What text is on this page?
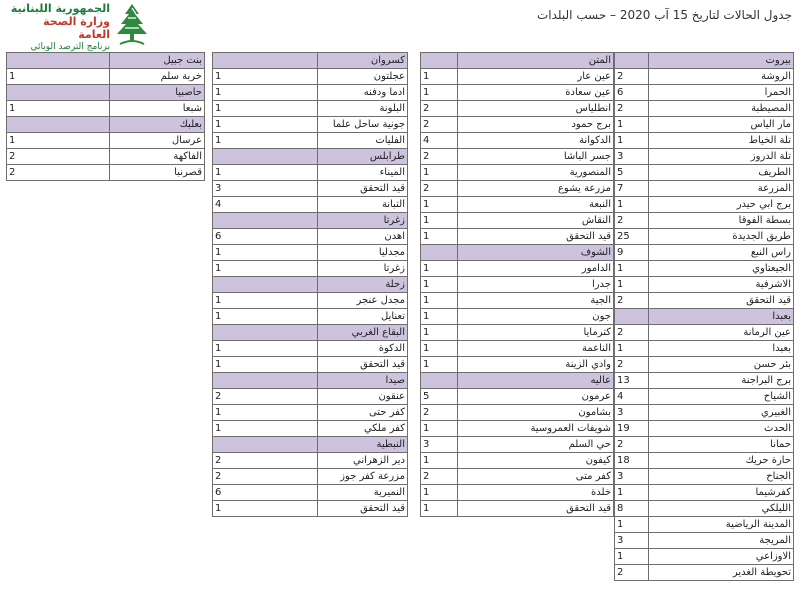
الجمهورية اللبنانية
وزارة الصحة العامة
برنامج الترصد الوبائي
جدول الحالات لتاريخ 15 آب 2020 – حسب البلدات
بيروت	
الروشة	2
الحمرا	6
المصيطبة	2
مار الياس	1
تلة الخياط	1
تلة الدروز	3
الطريف	5
المزرعة	7
برج ابي حيدر	1
بسطة الفوقا	2
طريق الجديدة	25
راس النبع	9
الجيعتاوي	1
الاشرفية	1
قيد التحقق	2
بعبدا	
عين الرمانة	2
بعبدا	1
بئر حسن	2
برج البراجنة	13
الشياح	4
الغبيري	3
الحدث	19
حمانا	2
حارة حريك	18
الجناح	3
كفرشيما	1
الليلكي	8
المدينة الرياضية	1
المريجة	3
الاوزاعي	1
تحويطة الغدير	2
المتن	
عين عار	1
عين سعادة	1
انطلياس	2
برج حمود	2
الدكوانة	4
جسر الباشا	2
المنصورية	1
مزرعة يشوع	2
النبعة	1
النقاش	1
قيد التحقق	1
الشوف	
الدامور	1
جدرا	1
الجية	1
جون	1
كترمايا	1
الناعمة	1
وادي الزينة	1
عاليه	
عرمون	5
بشامون	2
شويفات العمروسية	1
حي السلم	3
كيفون	1
كفر متى	2
خلدة	1
قيد التحقق	1
كسروان	
عجلتون	1
ادما ودفنه	1
البلونة	1
جونية ساحل علما	1
الفليات	1
طرابلس	
الميناء	1
قيد التحقق	3
التبانة	4
زغرتا	
اهدن	6
مجدليا	1
زغرتا	1
زحلة	
مجدل عنجر	1
تعنايل	1
البقاع الغربي	
الدكوة	1
قيد التحقق	1
صيدا	
عنقون	2
كفر حتى	1
كفر ملكي	1
النبطية	
دير الزهراني	2
مزرعة كفر جوز	2
النميرية	6
قيد التحقق	1
بنت جبيل	
خربة سلم	1
حاصبيا	
شبعا	1
بعلبك	
عرسال	1
الفاكهة	2
قصرنبا	2
